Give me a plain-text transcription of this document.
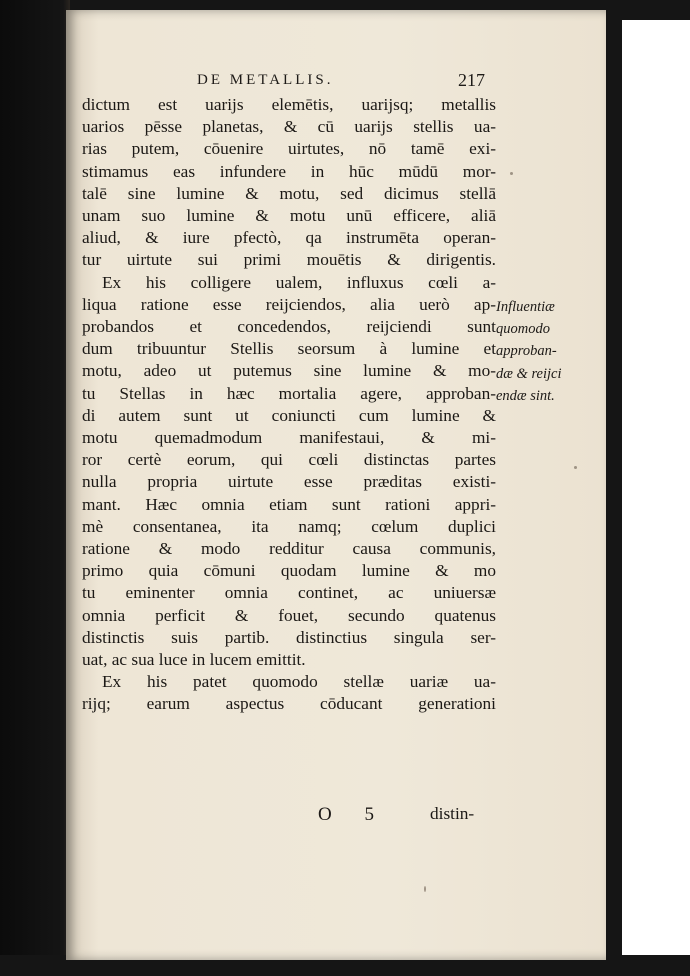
DE METALLIS.	217
dictum est uarijs elemētis, uarijsq; metallis
uarios pēsse planetas, & cū uarijs stellis ua-
rias putem, cōuenire uirtutes, nō tamē exi-
stimamus eas infundere in hūc mūdū mor-
talē sine lumine & motu, sed dicimus stellā
unam suo lumine & motu unū efficere, aliā
aliud, & iure pfectò, qa instrumēta operan-
tur uirtute sui primi mouētis & dirigentis.
Ex his colligere ualem, influxus cœli a-
liqua ratione esse reijciendos, alia uerò ap-
probandos et concedendos, reijciendi sunt
dum tribuuntur Stellis seorsum à lumine et
motu, adeo ut putemus sine lumine & mo-
tu Stellas in hæc mortalia agere, approban-
di autem sunt ut coniuncti cum lumine &
motu quemadmodum manifestaui, & mi-
ror certè eorum, qui cœli distinctas partes
nulla propria uirtute esse præditas existi-
mant. Hæc omnia etiam sunt rationi appri-
mè consentanea, ita namq; cœlum duplici
ratione & modo redditur causa communis,
primo quia cōmuni quodam lumine & mo
tu eminenter omnia continet, ac uniuersæ
omnia perficit & fouet, secundo quatenus
distinctis suis partib. distinctius singula ser-
uat, ac sua luce in lucem emittit.
Ex his patet quomodo stellæ uariæ ua-
rijq; earum aspectus cōducant generationi
Influentiæ
quomodo
approban-
dæ & reijci
endæ sint.
O 5 distin-
